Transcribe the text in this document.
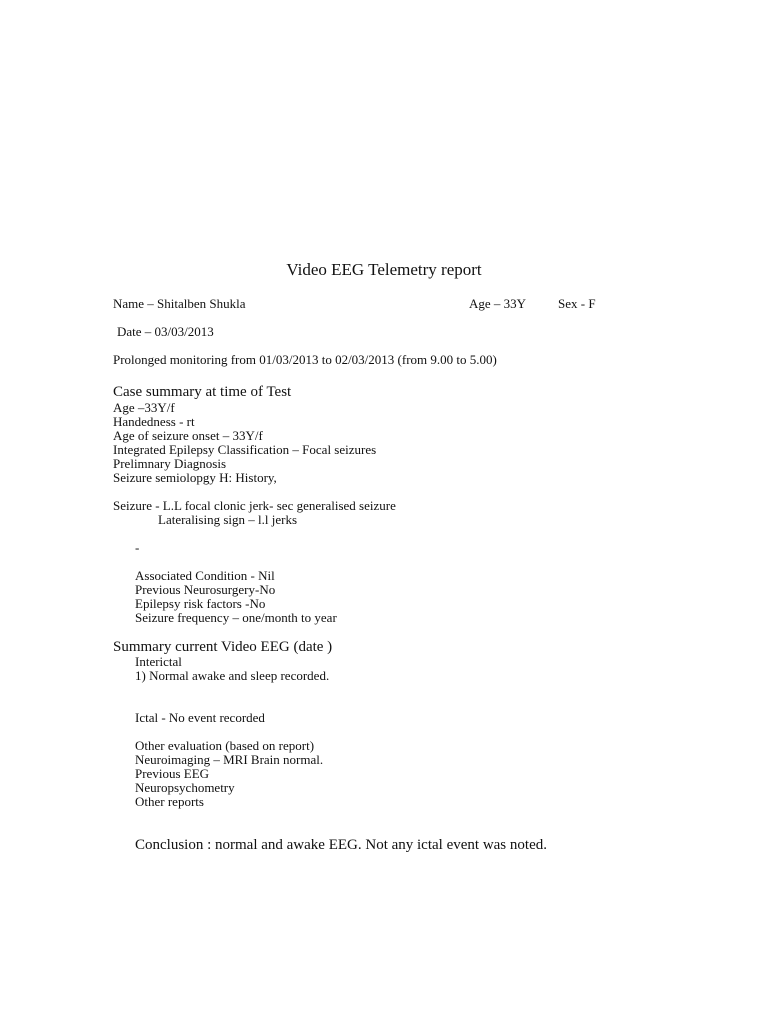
Video EEG Telemetry report
Name – Shitalben Shukla	Age – 33Y Sex - F
Date – 03/03/2013
Prolonged monitoring from 01/03/2013 to 02/03/2013 (from 9.00 to 5.00)
Case summary at time of Test
Age –33Y/f
Handedness - rt
Age of seizure onset – 33Y/f
Integrated Epilepsy Classification – Focal seizures
Prelimnary Diagnosis
Seizure semiolopgy H: History,
Seizure - L.L focal clonic jerk- sec generalised seizure
Lateralising sign – l.l jerks
-
Associated Condition - Nil
Previous Neurosurgery-No
Epilepsy risk factors -No
Seizure frequency – one/month to year
Summary current Video EEG (date )
Interictal
1) Normal awake and sleep recorded.
Ictal - No event recorded
Other evaluation (based on report)
Neuroimaging – MRI Brain normal.
Previous EEG
Neuropsychometry
Other reports
Conclusion : normal and awake EEG. Not any ictal event was noted.
